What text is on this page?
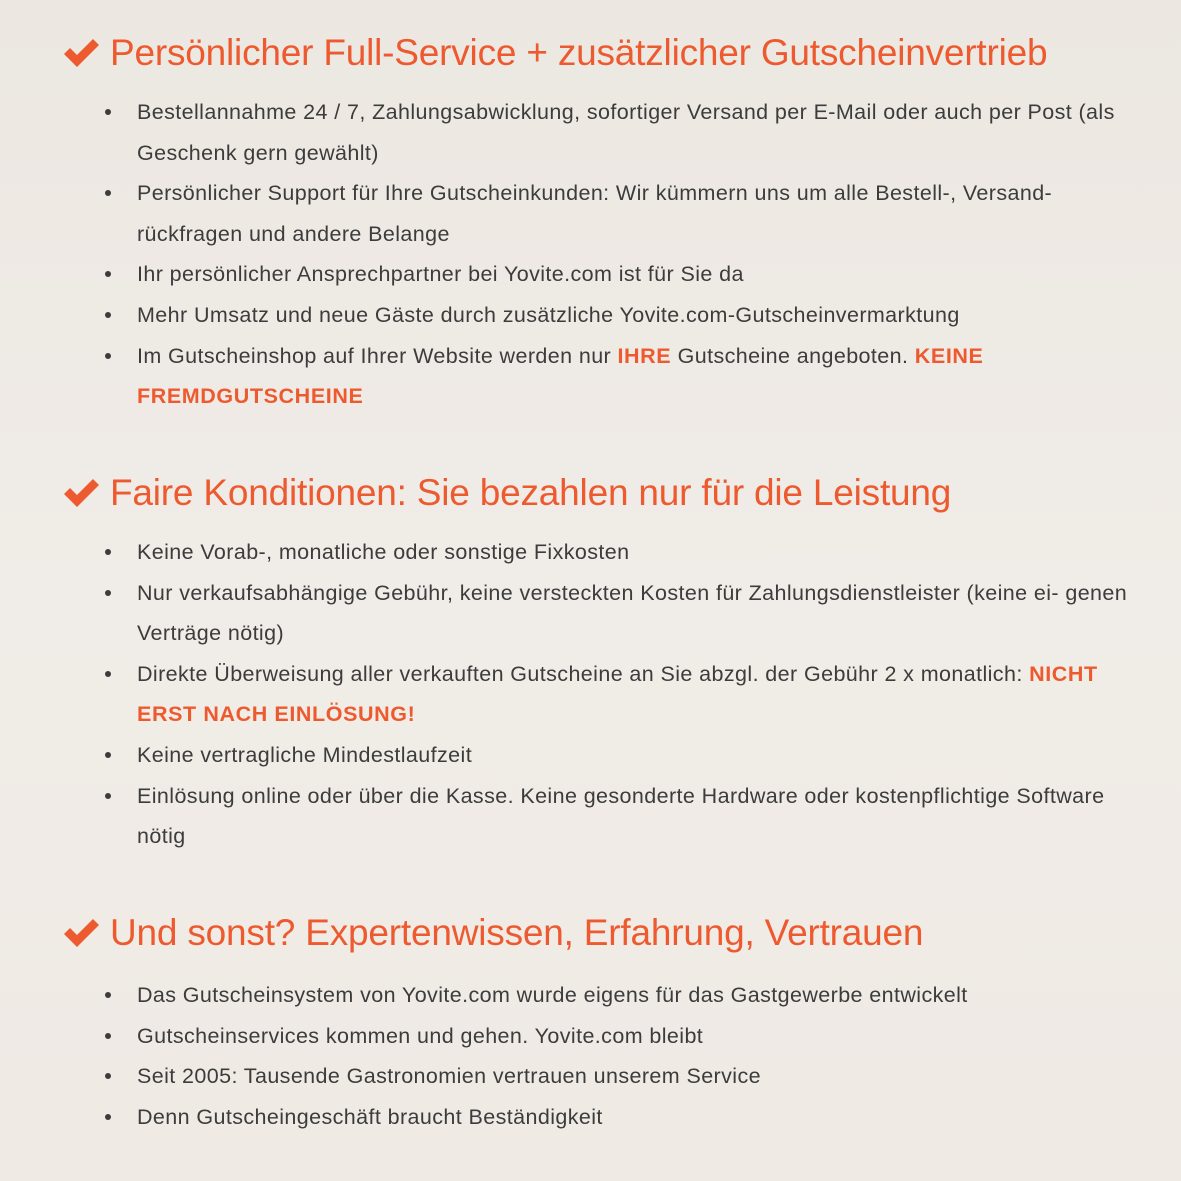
Persönlicher Full-Service + zusätzlicher Gutscheinvertrieb
Bestellannahme 24 / 7, Zahlungsabwicklung, sofortiger Versand per E-Mail oder auch per Post (als Geschenk gern gewählt)
Persönlicher Support für Ihre Gutscheinkunden: Wir kümmern uns um alle Bestell-, Versand- rückfragen und andere Belange
Ihr persönlicher Ansprechpartner bei Yovite.com ist für Sie da
Mehr Umsatz und neue Gäste durch zusätzliche Yovite.com-Gutscheinvermarktung
Im Gutscheinshop auf Ihrer Website werden nur IHRE Gutscheine angeboten. KEINE FREMDGUTSCHEINE
Faire Konditionen: Sie bezahlen nur für die Leistung
Keine Vorab-, monatliche oder sonstige Fixkosten
Nur verkaufsabhängige Gebühr, keine versteckten Kosten für Zahlungsdienstleister (keine ei- genen Verträge nötig)
Direkte Überweisung aller verkauften Gutscheine an Sie abzgl. der Gebühr 2 x monatlich: NICHT ERST NACH EINLÖSUNG!
Keine vertragliche Mindestlaufzeit
Einlösung online oder über die Kasse. Keine gesonderte Hardware oder kostenpflichtige Software nötig
Und sonst? Expertenwissen, Erfahrung, Vertrauen
Das Gutscheinsystem von Yovite.com wurde eigens für das Gastgewerbe entwickelt
Gutscheinservices kommen und gehen. Yovite.com bleibt
Seit 2005: Tausende Gastronomien vertrauen unserem Service
Denn Gutscheingeschäft braucht Beständigkeit
